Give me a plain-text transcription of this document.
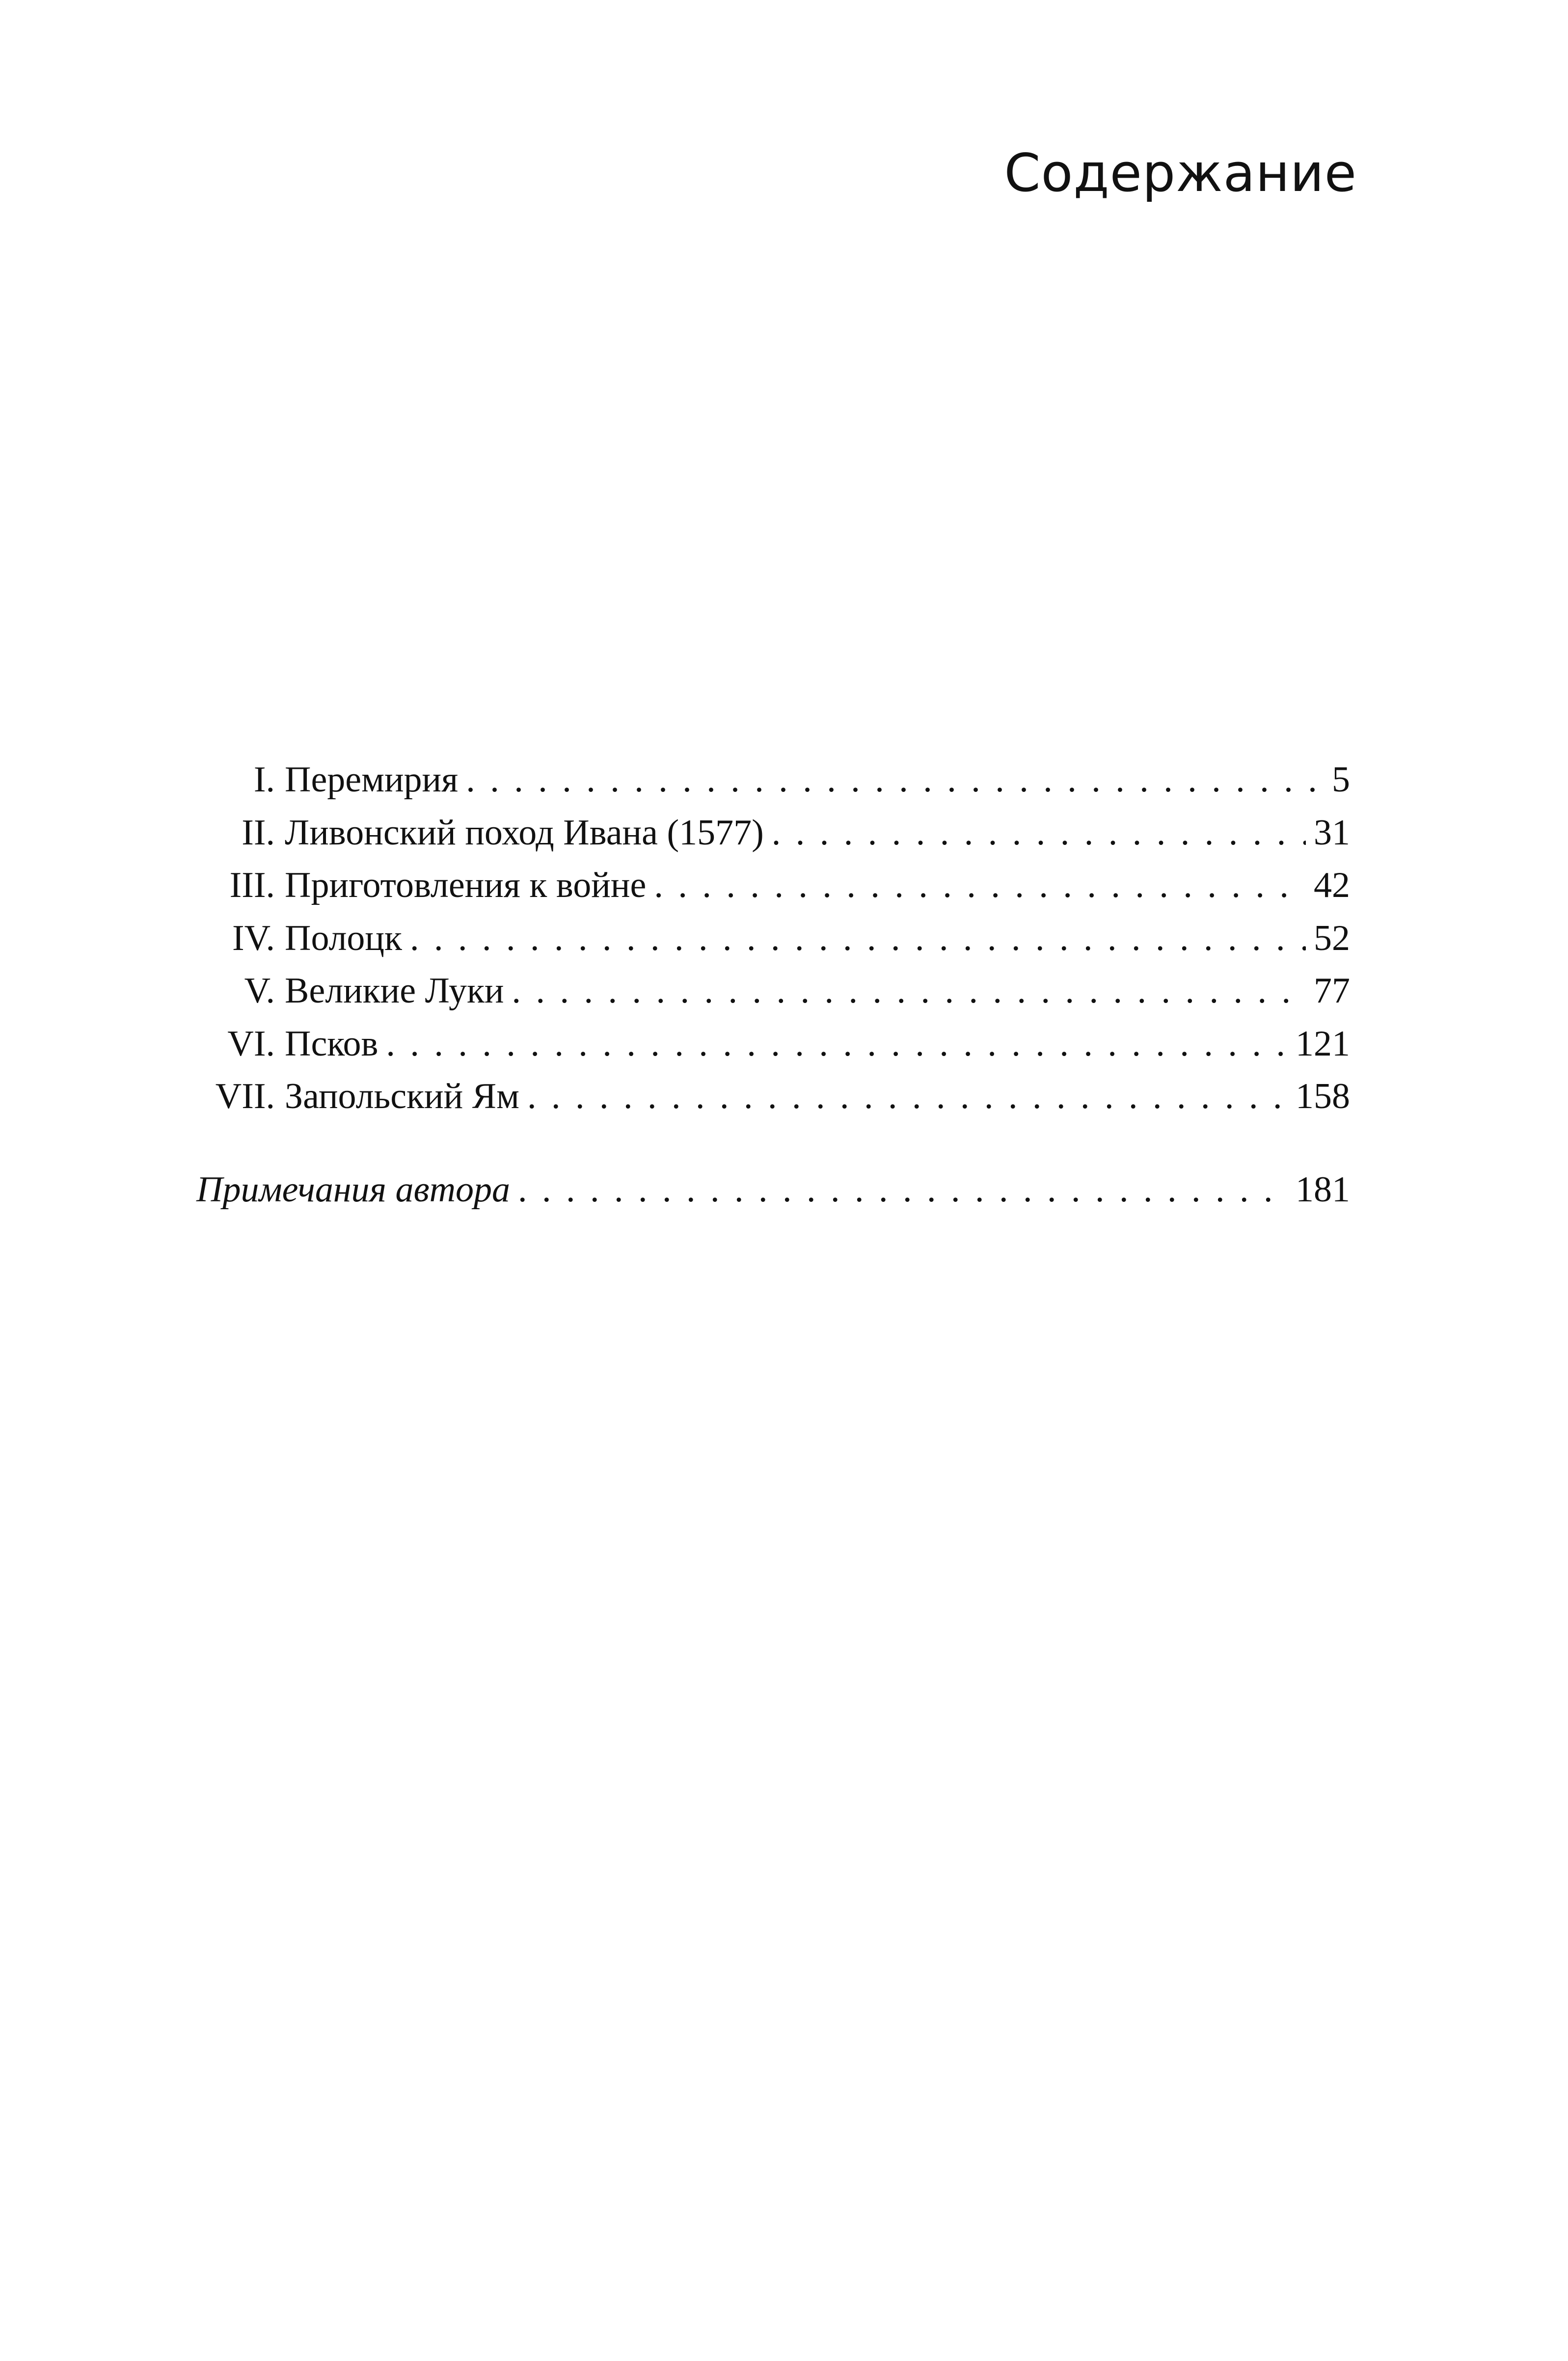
Содержание
I. Перемирия . . .	5
II. Ливонский поход Ивана (1577) . . .	31
III. Приготовления к войне . . .	42
IV. Полоцк . . .	52
V. Великие Луки . . .	77
VI. Псков . . .	121
VII. Запольский Ям . . .	158
Примечания автора . . .	181
